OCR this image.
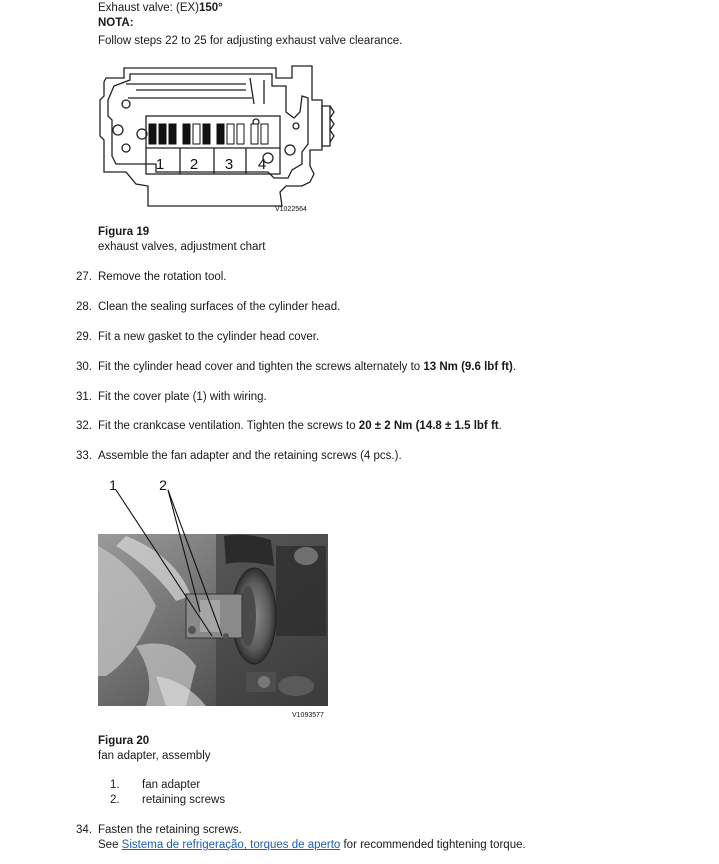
Exhaust valve: (EX)150°
NOTA:
Follow steps 22 to 25 for adjusting exhaust valve clearance.
1 2 3 4
V1022564
Figura 19
exhaust valves, adjustment chart
27. Remove the rotation tool.
28. Clean the sealing surfaces of the cylinder head.
29. Fit a new gasket to the cylinder head cover.
30. Fit the cylinder head cover and tighten the screws alternately to 13 Nm (9.6 lbf ft).
31. Fit the cover plate (1) with wiring.
32. Fit the crankcase ventilation. Tighten the screws to 20 ± 2 Nm (14.8 ± 1.5 lbf ft.
33. Assemble the fan adapter and the retaining screws (4 pcs.).
1	2
V1093577
Figura 20
fan adapter, assembly
1. fan adapter
2. retaining screws
34. Fasten the retaining screws.
See Sistema de refrigeração, torques de aperto for recommended tightening torque.
